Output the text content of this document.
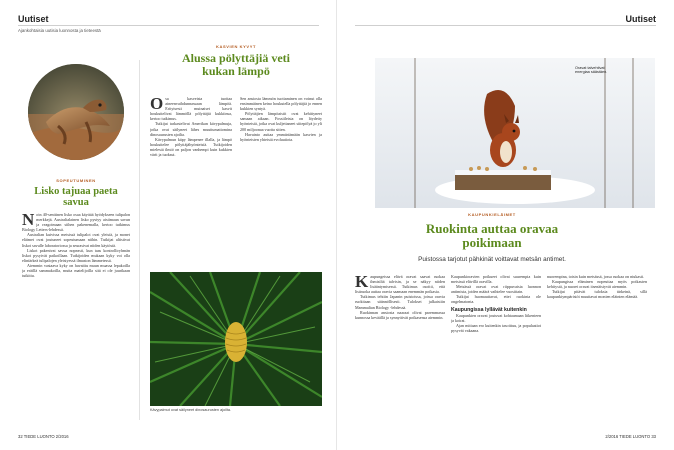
Uutiset
Ajankohtaisia uutisia luonnosta ja tieteestä
SOPEUTUMINEN
Lisko tajuaa paeta savua

Noin 40-senttinen lisko osaa käyttää hyödykseen tulipalon merkkejä. Australialainen lisko pystyy aistimaan savun ja reagoimaan siihen pakenemalla, kertoo tutkimus Biology Letters-lehdessä.

Australian kuivissa metsissä tulipalot ovat yleisiä, ja monet eläimet ovat joutuneet sopeutumaan niihin. Tutkijat altistivat liskot savulle laboratoriossa ja seurasivat niiden käytöstä.

Liskot pakenivat savua nopeasti, kun taas kontrolliryhmän liskot pysyivät paikoillaan. Tutkijoiden mukaan kyky voi olla elintärkeä tulipalojen yleistyessä ilmaston lämmetessä.

Aiemmin vastaava kyky on havaittu muun muassa lepakoilla ja eräillä sammakoilla, mutta matelijoilla sitä ei ole juurikaan tutkittu.

KASVIEN KYVYT
Alussa pölyttäjiä veti kukan lämpö

Osa kasveista tuottaa aineenvaihdunnassaan lämpöä. Erityisesti muinaiset kasvit houkuttelivat lämmöllä pölyttäjiä kukkiinsa, kertoo tutkimus.

Tutkijat tarkastelivat Amerikan kävypalmuja, jotka ovat säilyneet lähes muuttumattomina dinosaurusten ajoilta.

Kävypalmun käpy lämpenee illalla, ja lämpö houkuttelee pölyttäjähyönteisiä. Tutkijoiden mielestä ilmiö on paljon vanhempi kuin kukkien värit ja tuoksut.

Sen ansiosta lämmön tuottaminen on voinut olla ensimmäinen keino houkutella pölyttäjiä jo ennen kukkien syntyä.

Pölyttäjien lämpöaistit ovat kehittyneet samaan aikaan. Fossiileista on löydetty hyönteisiä, jotka ovat kuljettaneet siitepölyä jo yli 200 miljoonaa vuotta sitten.

Havainto auttaa ymmärtämään kasvien ja hyönteisten yhteistä evoluutiota.

Kävypalmut ovat säilyneet dinosaurusten ajoilta.
32 TIEDE LUONTO 2/2016
Uutiset
Oravat talvehtivat energiaa säästäen.
KAUPUNKIELÄIMET
Ruokinta auttaa oravaa poikimaan
Puistossa tarjotut pähkinät voittavat metsän antimet.

Kaupungeissa elävä oravat saavat ruokaa ihmisiltä talvisin, ja se näkyy niiden lisääntymisessä. Tutkimus osoitti, että lisäruoka auttaa oravia saamaan enemmän poikasia.

Tutkimus tehtiin Japanin puistoissa, joissa oravia ruokitaan säännöllisesti. Tulokset julkaistiin Mammalian Biology -lehdessä.

Ruokinnan ansiosta naaraat olivat paremmassa kunnossa keväällä ja synnyttivät poikasensa aiemmin.

Kaupunkioravien poikueet olivat suurempia kuin metsissä elävillä oravilla.

Metsässä oravat ovat riippuvaisia luonnon antimista, joiden määrä vaihtelee vuosittain.

Tutkijat huomauttavat, ettei ruokinta ole ongelmatonta.

Kaupungissa lyllävät kuitenkin

Kaupunkien oravat joutuvat kohtaamaan liikenteen ja koirat.

Ajan mittaan ero kuitenkin tasoittuu, ja populaatiot pysyvät vakaana.

nuorempina, toisin kuin metsässä, jossa ruokaa on niukasti.

Kaupungissa eläminen nopeuttaa myös poikasten kehitystä, ja nuoret oravat itsenäistyvät aiemmin.

Tutkijat pitävät tuloksia tärkeinä, sillä kaupunkiympäristöt muuttavat monien eläinten elämää.

2/2016 TIEDE LUONTO 33
